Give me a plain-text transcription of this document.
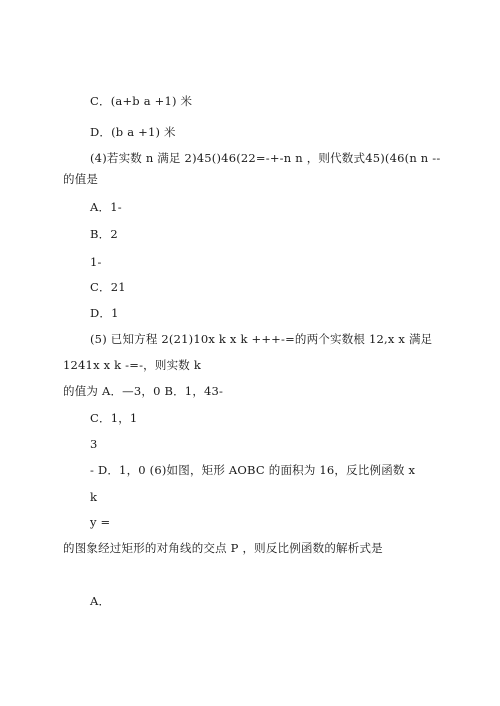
C．(a+b a +1) 米
D．(b a +1) 米
(4)若实数 n 满足 2)45()46(22=-+-n n ，则代数式45)(46(n n --
的值是
A．1-
B．2
1-
C．21
D．1
(5) 已知方程 2(21)10x k x k +++-=的两个实数根 12,x x 满足
1241x x k -=-，则实数 k
的值为 A．—3，0 B．1，43-
C．1，1
3
- D．1，0 (6)如图，矩形 AOBC 的面积为 16，反比例函数 x
k
y =
的图象经过矩形的对角线的交点 P ，则反比例函数的解析式是
A．
